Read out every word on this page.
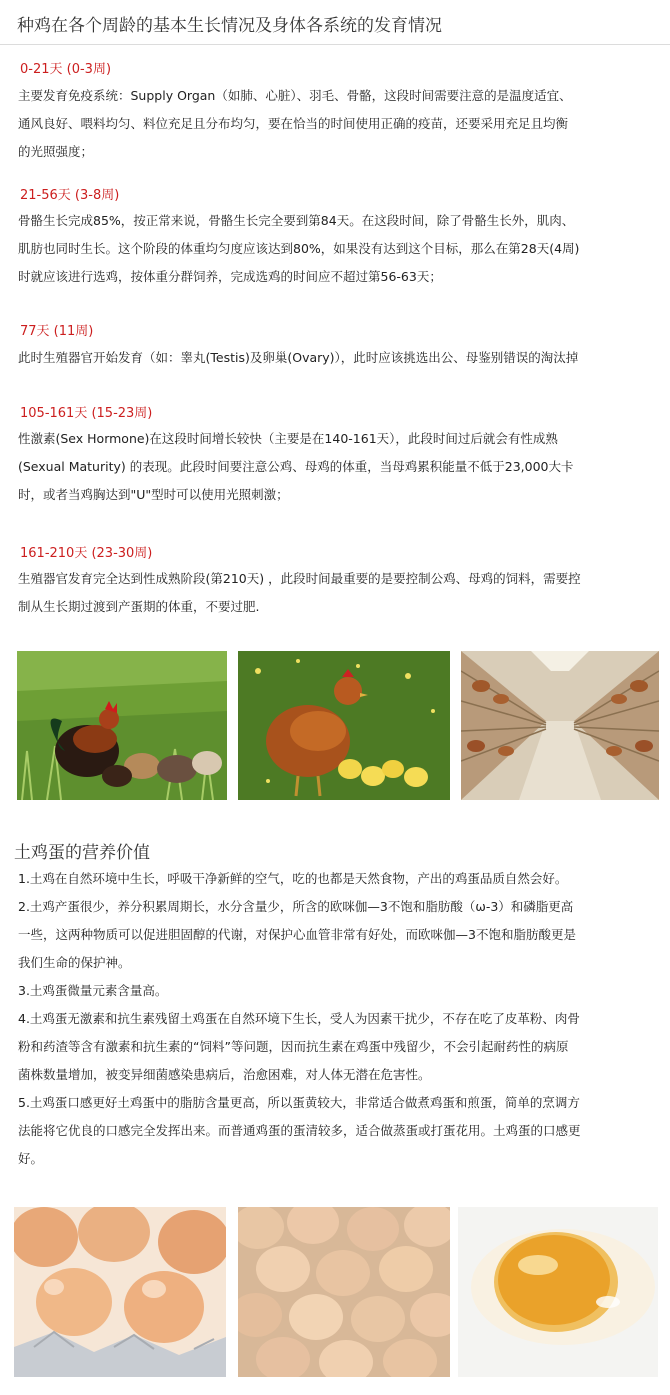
种鸡在各个周龄的基本生长情况及身体各系统的发育情况
0-21天 (0-3周)
主要发育免疫系统：Supply Organ（如肺、心脏）、羽毛、骨骼，这段时间需要注意的是温度适宜、
通风良好、喂料均匀、料位充足且分布均匀，要在恰当的时间使用正确的疫苗，还要采用充足且均衡
的光照强度；
21-56天 (3-8周)
骨骼生长完成85%，按正常来说，骨骼生长完全要到第84天。在这段时间，除了骨骼生长外，肌肉、
肌肪也同时生长。这个阶段的体重均匀度应该达到80%，如果没有达到这个目标，那么在第28天(4周)
时就应该进行选鸡，按体重分群饲养，完成选鸡的时间应不超过第56-63天；
77天 (11周)
此时生殖器官开始发育（如：睾丸(Testis)及卵巢(Ovary)），此时应该挑选出公、母鉴别错误的淘汰掉
105-161天 (15-23周)
性激素(Sex Hormone)在这段时间增长较快（主要是在140-161天），此段时间过后就会有性成熟
(Sexual Maturity) 的表现。此段时间要注意公鸡、母鸡的体重，当母鸡累积能量不低于23,000大卡
时，或者当鸡胸达到"U"型时可以使用光照刺激；
161-210天 (23-30周)
生殖器官发育完全达到性成熟阶段(第210天) ，此段时间最重要的是要控制公鸡、母鸡的饲料，需要控
制从生长期过渡到产蛋期的体重，不要过肥.
土鸡蛋的营养价值
1.土鸡在自然环境中生长，呼吸干净新鲜的空气，吃的也都是天然食物，产出的鸡蛋品质自然会好。
2.土鸡产蛋很少，养分积累周期长，水分含量少，所含的欧咪伽—3不饱和脂肪酸（ω-3）和磷脂更高
一些，这两种物质可以促进胆固醇的代谢，对保护心血管非常有好处，而欧咪伽—3不饱和脂肪酸更是
我们生命的保护神。
3.土鸡蛋微量元素含量高。
4.土鸡蛋无激素和抗生素残留土鸡蛋在自然环境下生长，受人为因素干扰少，不存在吃了皮革粉、肉骨
粉和药渣等含有激素和抗生素的“饲料”等问题，因而抗生素在鸡蛋中残留少，不会引起耐药性的病原
菌株数量增加，被变异细菌感染患病后，治愈困难，对人体无潜在危害性。
5.土鸡蛋口感更好土鸡蛋中的脂肪含量更高，所以蛋黄较大，非常适合做煮鸡蛋和煎蛋，简单的烹调方
法能将它优良的口感完全发挥出来。而普通鸡蛋的蛋清较多，适合做蒸蛋或打蛋花用。土鸡蛋的口感更
好。
